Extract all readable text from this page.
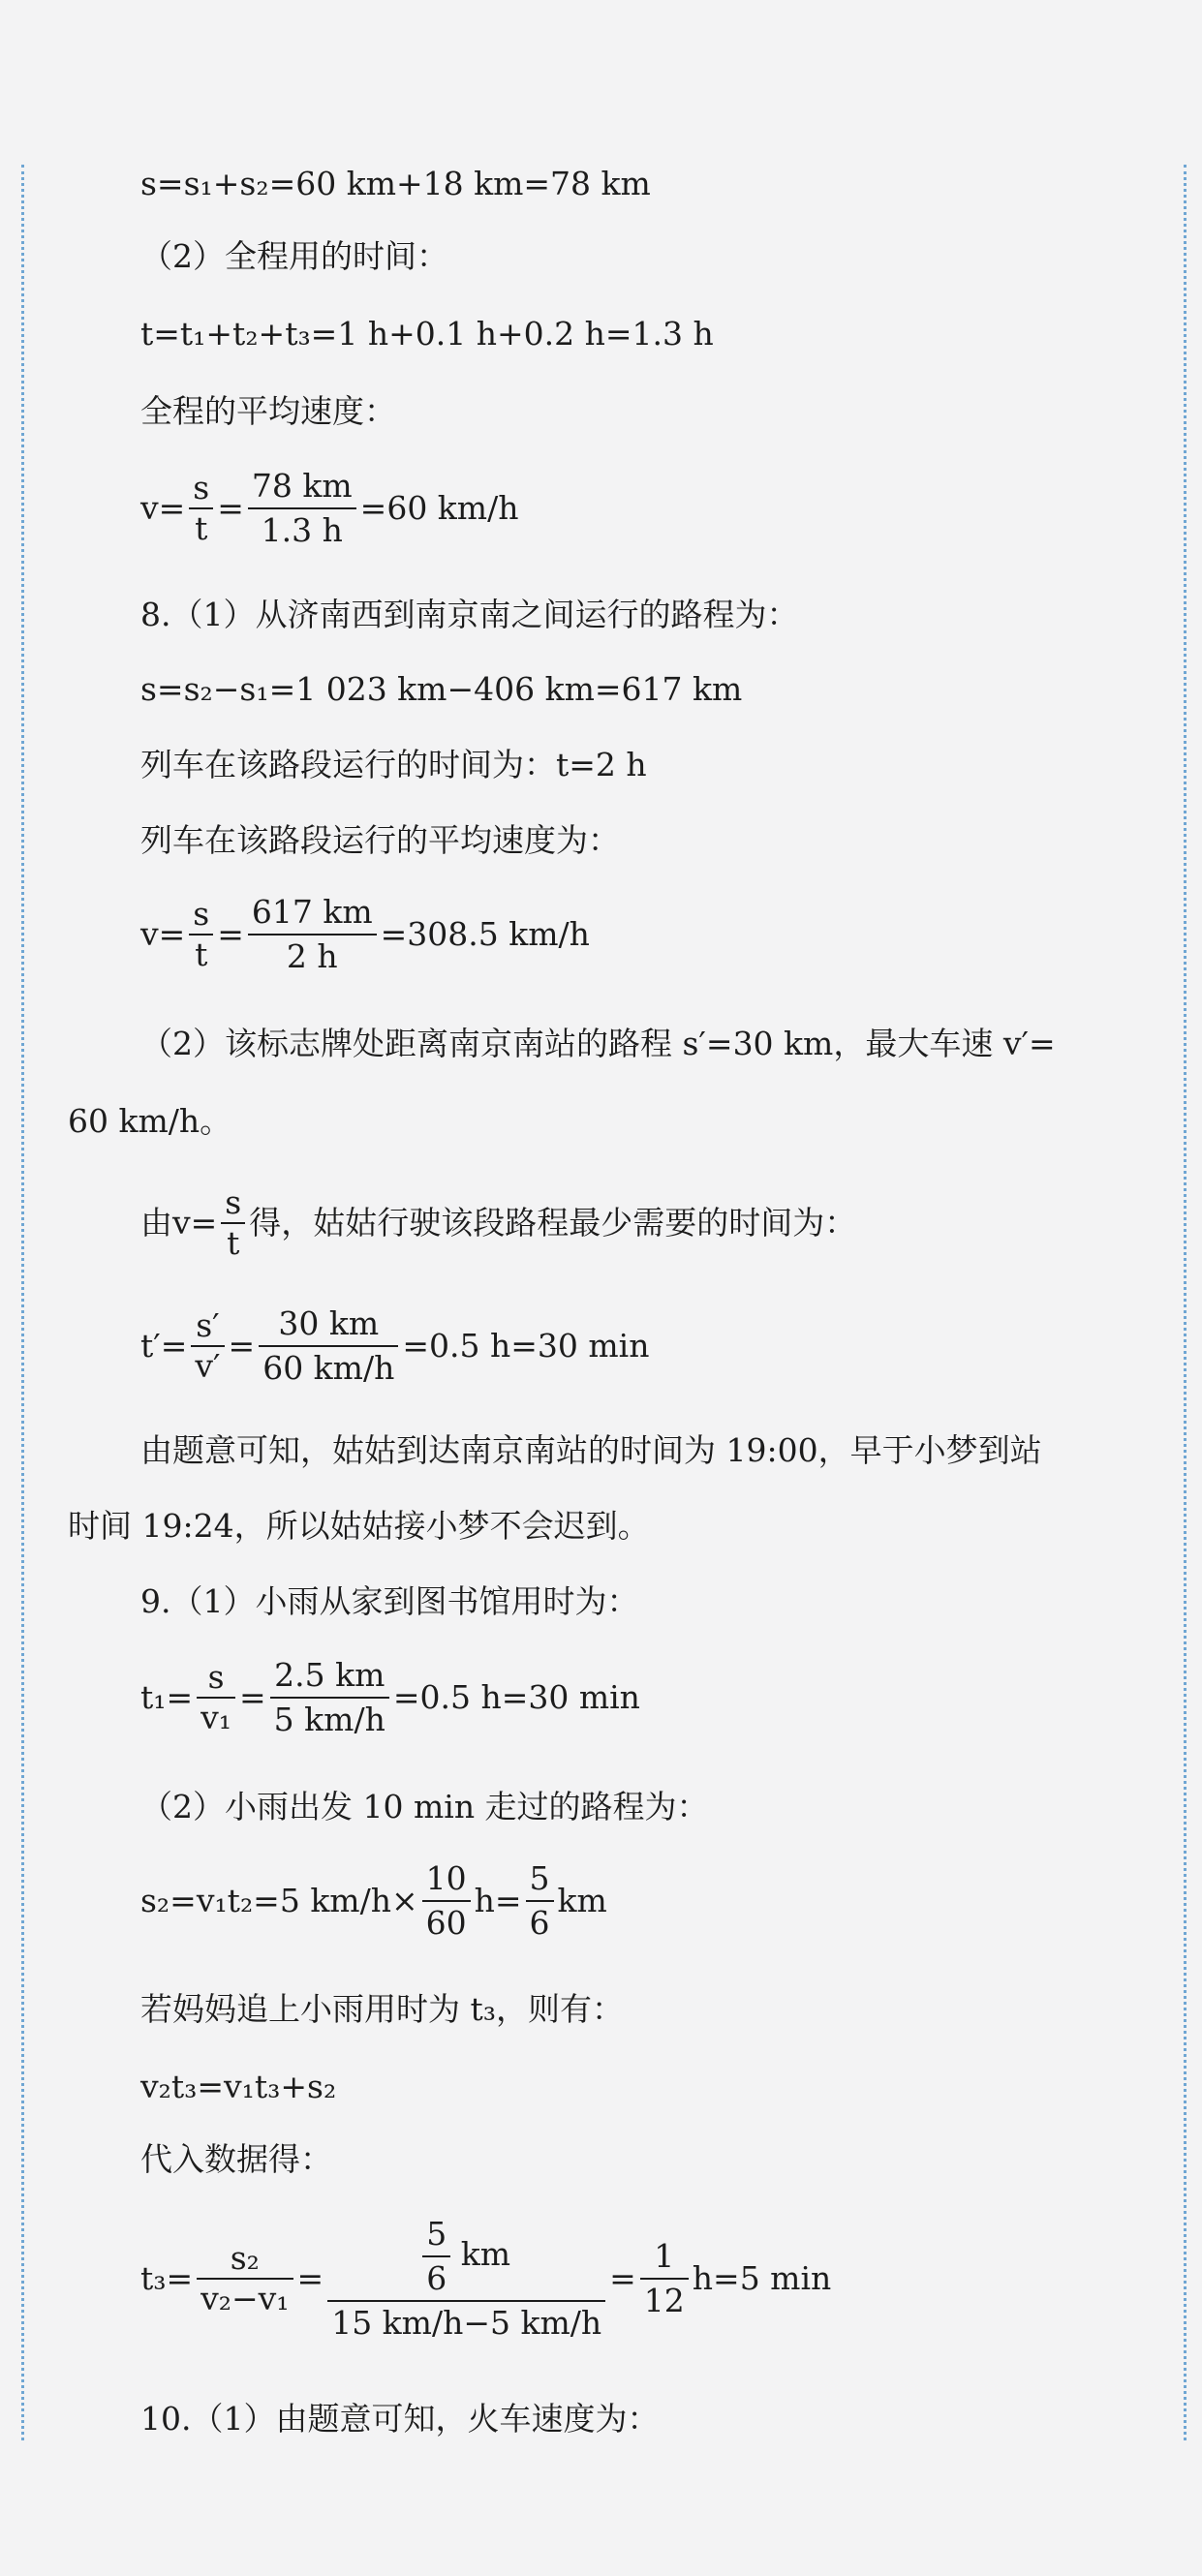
s=s₁+s₂=60 km+18 km=78 km
（2）全程用的时间：
t=t₁+t₂+t₃=1 h+0.1 h+0.2 h=1.3 h
全程的平均速度：
$v= \frac{s}{t} = \frac{78 km}{1.3 h} =60$ km/h
8.（1）从济南西到南京南之间运行的路程为：
s=s₂−s₁=1 023 km−406 km=617 km
列车在该路段运行的时间为：t=2 h
列车在该路段运行的平均速度为：
$v= \frac{s}{t} = \frac{617 km}{2 h} =308.5$ km/h
（2）该标志牌处距离南京南站的路程 s′=30 km，最大车速 v′=
60 km/h。
由 $v= \frac{s}{t}$ 得，姑姑行驶该段路程最少需要的时间为：
$t'= \frac{s'}{v'} = \frac{30 km}{60 km/h} =0.5$ h=30 min
由题意可知，姑姑到达南京南站的时间为 19:00，早于小梦到站
时间 19:24，所以姑姑接小梦不会迟到。
9.（1）小雨从家到图书馆用时为：
$t_1= \frac{s}{\text{v₁}} = \frac{2.5 km}{5 km/h} =0.5$ h=30 min
（2）小雨出发 10 min 走过的路程为：
s₂=v₁t₂=5 $km/h\times \frac{10}{60} h= \frac{5}{6}$ km
若妈妈追上小雨用时为 t₃，则有：
v₂t₃=v₁t₃+s₂
代入数据得：
$t_3= \frac{\text{s₂}}{\text{v₂−v₁}} = \frac{\frac{5}{6} km}{15 km/h-5 km/h} = \frac{1}{12} h=5$ min
10.（1）由题意可知，火车速度为：
